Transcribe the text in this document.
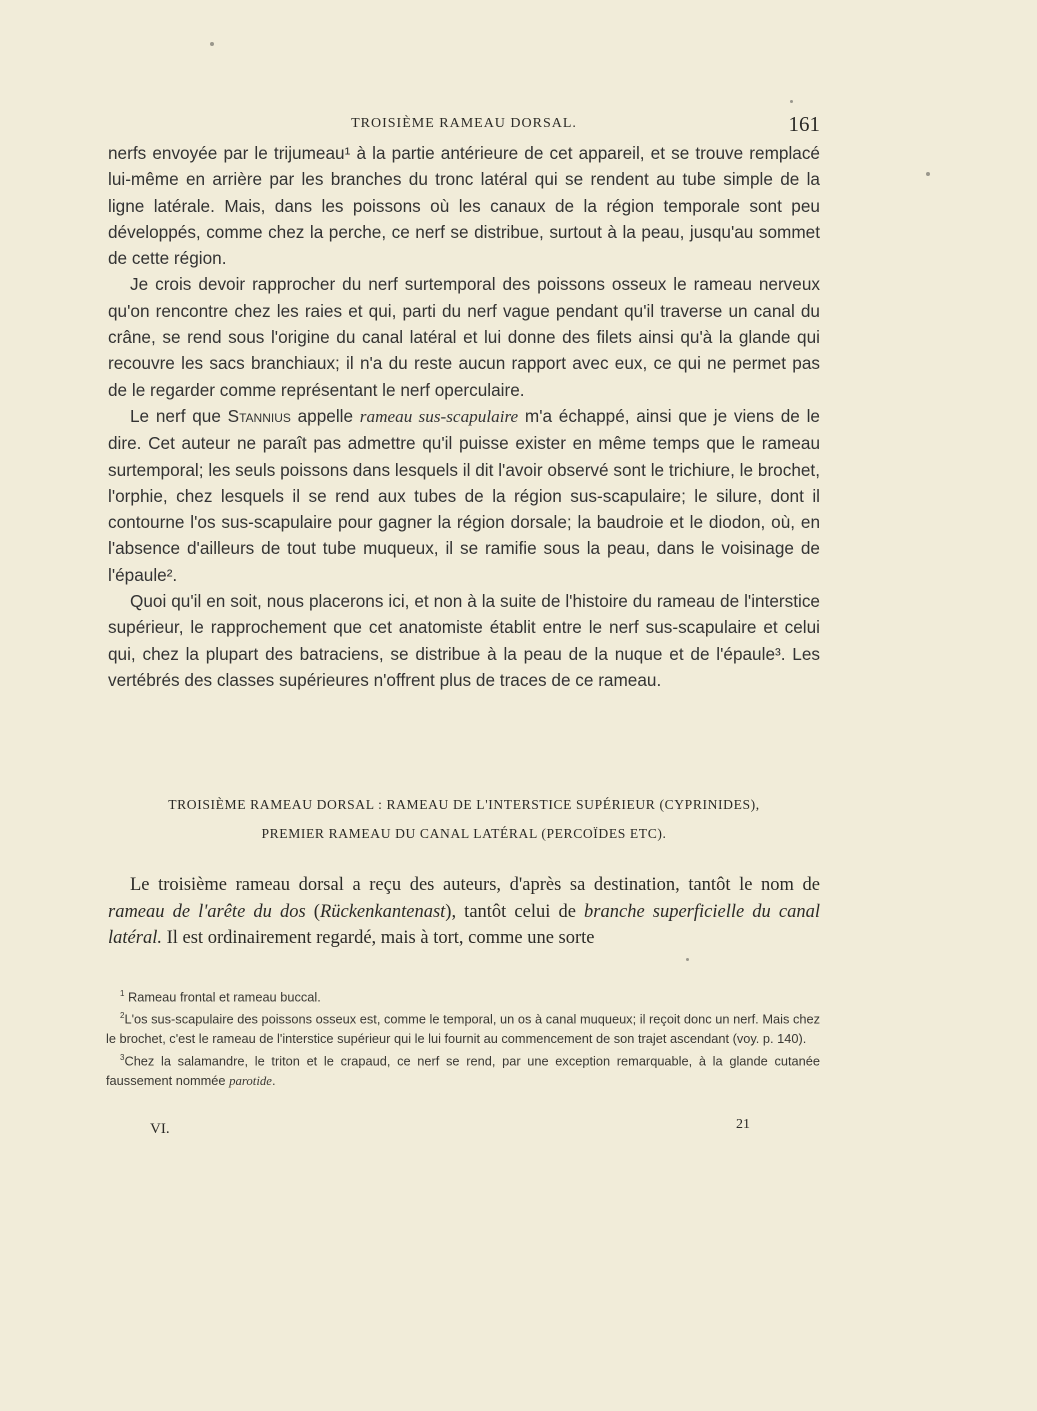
TROISIÈME RAMEAU DORSAL.	161

nerfs envoyée par le trijumeau¹ à la partie antérieure de cet appareil, et se trouve remplacé lui-même en arrière par les branches du tronc latéral qui se rendent au tube simple de la ligne latérale. Mais, dans les poissons où les canaux de la région temporale sont peu développés, comme chez la perche, ce nerf se distribue, surtout à la peau, jusqu'au sommet de cette région.

Je crois devoir rapprocher du nerf surtemporal des poissons osseux le rameau nerveux qu'on rencontre chez les raies et qui, parti du nerf vague pendant qu'il traverse un canal du crâne, se rend sous l'origine du canal latéral et lui donne des filets ainsi qu'à la glande qui recouvre les sacs branchiaux; il n'a du reste aucun rapport avec eux, ce qui ne permet pas de le regarder comme représentant le nerf operculaire.

Le nerf que Stannius appelle rameau sus-scapulaire m'a échappé, ainsi que je viens de le dire. Cet auteur ne paraît pas admettre qu'il puisse exister en même temps que le rameau surtemporal; les seuls poissons dans lesquels il dit l'avoir observé sont le trichiure, le brochet, l'orphie, chez lesquels il se rend aux tubes de la région sus-scapulaire; le silure, dont il contourne l'os sus-scapulaire pour gagner la région dorsale; la baudroie et le diodon, où, en l'absence d'ailleurs de tout tube muqueux, il se ramifie sous la peau, dans le voisinage de l'épaule².

Quoi qu'il en soit, nous placerons ici, et non à la suite de l'histoire du rameau de l'interstice supérieur, le rapprochement que cet anatomiste établit entre le nerf sus-scapulaire et celui qui, chez la plupart des batraciens, se distribue à la peau de la nuque et de l'épaule³. Les vertébrés des classes supérieures n'offrent plus de traces de ce rameau.

TROISIÈME RAMEAU DORSAL : RAMEAU DE L'INTERSTICE SUPÉRIEUR (CYPRINIDES),
PREMIER RAMEAU DU CANAL LATÉRAL (PERCOÏDES ETC).

Le troisième rameau dorsal a reçu des auteurs, d'après sa destination, tantôt le nom de rameau de l'arête du dos (Rückenkantenast), tantôt celui de branche superficielle du canal latéral. Il est ordinairement regardé, mais à tort, comme une sorte

$^1$ Rameau frontal et rameau buccal.

$^2$L'os sus-scapulaire des poissons osseux est, comme le temporal, un os à canal muqueux; il reçoit donc un nerf. Mais chez le brochet, c'est le rameau de l'interstice supérieur qui le lui fournit au commencement de son trajet ascendant (voy. p. 140).

$^3$Chez la salamandre, le triton et le crapaud, ce nerf se rend, par une exception remarquable, à la glande cutanée faussement nommée parotide.

VI.	21
